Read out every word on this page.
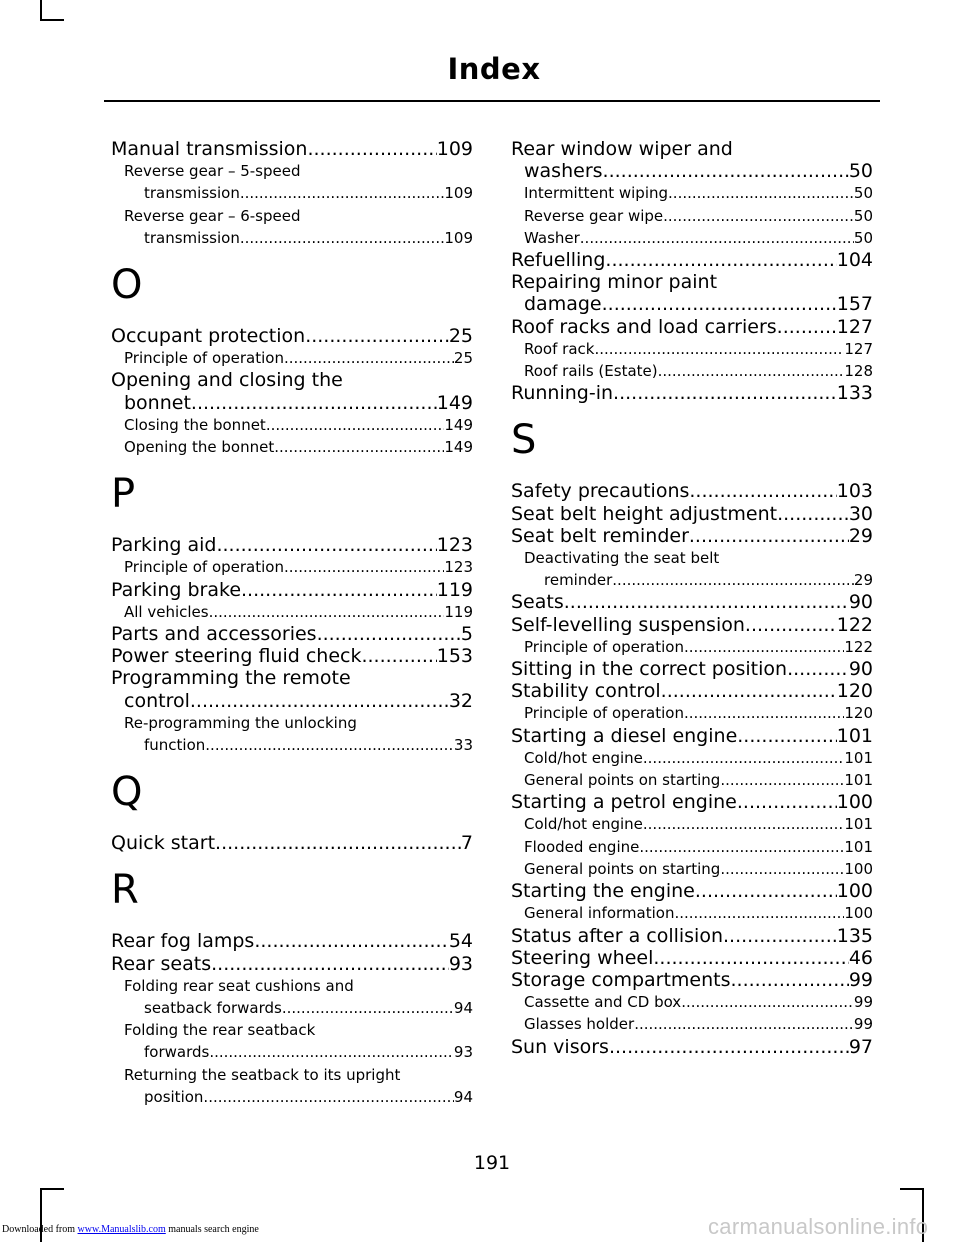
Index
Manual transmission .....	109
Reverse gear – 5-speed
transmission .....	109
Reverse gear – 6-speed
transmission .....	109
O
Occupant protection .....	25
Principle of operation .....	25
Opening and closing the
bonnet .....	149
Closing the bonnet .....	149
Opening the bonnet .....	149
P
Parking aid .....	123
Principle of operation .....	123
Parking brake .....	119
All vehicles .....	119
Parts and accessories .....	5
Power steering fluid check .....	153
Programming the remote
control .....	32
Re-programming the unlocking
function .....	33
Q
Quick start .....	7
R
Rear fog lamps .....	54
Rear seats .....	93
Folding rear seat cushions and
seatback forwards .....	94
Folding the rear seatback
forwards .....	93
Returning the seatback to its upright
position .....	94
Rear window wiper and
washers .....	50
Intermittent wiping .....	50
Reverse gear wipe .....	50
Washer .....	50
Refuelling .....	104
Repairing minor paint
damage .....	157
Roof racks and load carriers .....	127
Roof rack .....	127
Roof rails (Estate) .....	128
Running-in .....	133
S
Safety precautions .....	103
Seat belt height adjustment .....	30
Seat belt reminder .....	29
Deactivating the seat belt
reminder .....	29
Seats .....	90
Self-levelling suspension .....	122
Principle of operation .....	122
Sitting in the correct position .....	90
Stability control .....	120
Principle of operation .....	120
Starting a diesel engine .....	101
Cold/hot engine .....	101
General points on starting .....	101
Starting a petrol engine .....	100
Cold/hot engine .....	101
Flooded engine .....	101
General points on starting .....	100
Starting the engine .....	100
General information .....	100
Status after a collision .....	135
Steering wheel .....	46
Storage compartments .....	99
Cassette and CD box .....	99
Glasses holder .....	99
Sun visors .....	97
191
Downloaded from www.Manualslib.com manuals search engine	carmanualsonline.info
